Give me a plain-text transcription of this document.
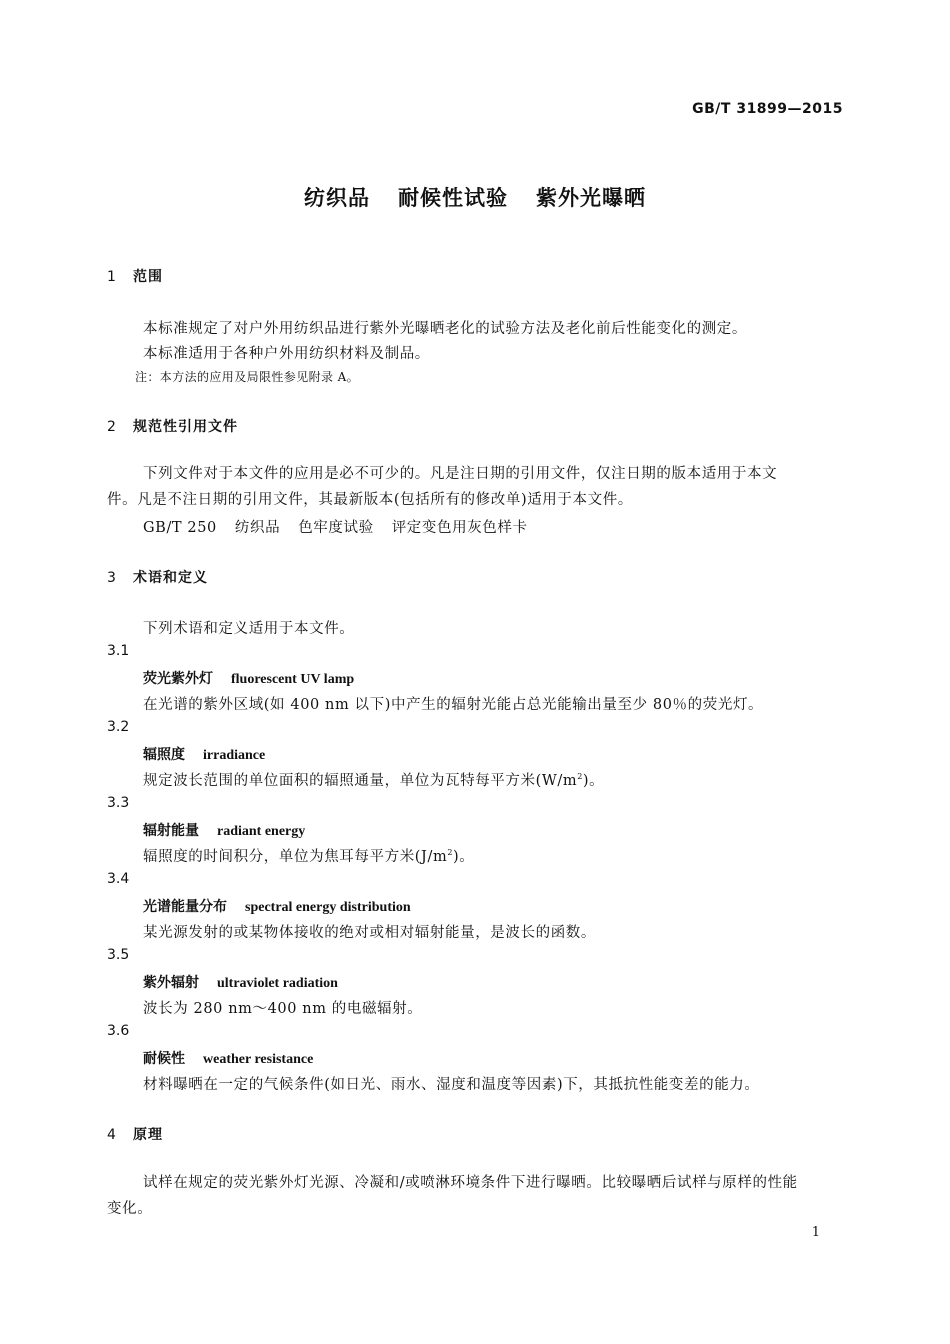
GB/T 31899—2015
纺织品 耐候性试验 紫外光曝晒
1 范围
本标准规定了对户外用纺织品进行紫外光曝晒老化的试验方法及老化前后性能变化的测定。
本标准适用于各种户外用纺织材料及制品。
注：本方法的应用及局限性参见附录 A。
2 规范性引用文件
下列文件对于本文件的应用是必不可少的。凡是注日期的引用文件，仅注日期的版本适用于本文件。凡是不注日期的引用文件，其最新版本(包括所有的修改单)适用于本文件。
GB/T 250 纺织品 色牢度试验 评定变色用灰色样卡
3 术语和定义
下列术语和定义适用于本文件。
3.1
荧光紫外灯 fluorescent UV lamp
在光谱的紫外区域(如 400 nm 以下)中产生的辐射光能占总光能输出量至少 80％的荧光灯。
3.2
辐照度 irradiance
规定波长范围的单位面积的辐照通量，单位为瓦特每平方米$(W/m^2)$。
3.3
辐射能量 radiant energy
辐照度的时间积分，单位为焦耳每平方米$(J/m^2)$。
3.4
光谱能量分布 spectral energy distribution
某光源发射的或某物体接收的绝对或相对辐射能量，是波长的函数。
3.5
紫外辐射 ultraviolet radiation
波长为 280 nm～400 nm 的电磁辐射。
3.6
耐候性 weather resistance
材料曝晒在一定的气候条件(如日光、雨水、湿度和温度等因素)下，其抵抗性能变差的能力。
4 原理
试样在规定的荧光紫外灯光源、冷凝和/或喷淋环境条件下进行曝晒。比较曝晒后试样与原样的性能变化。
1
